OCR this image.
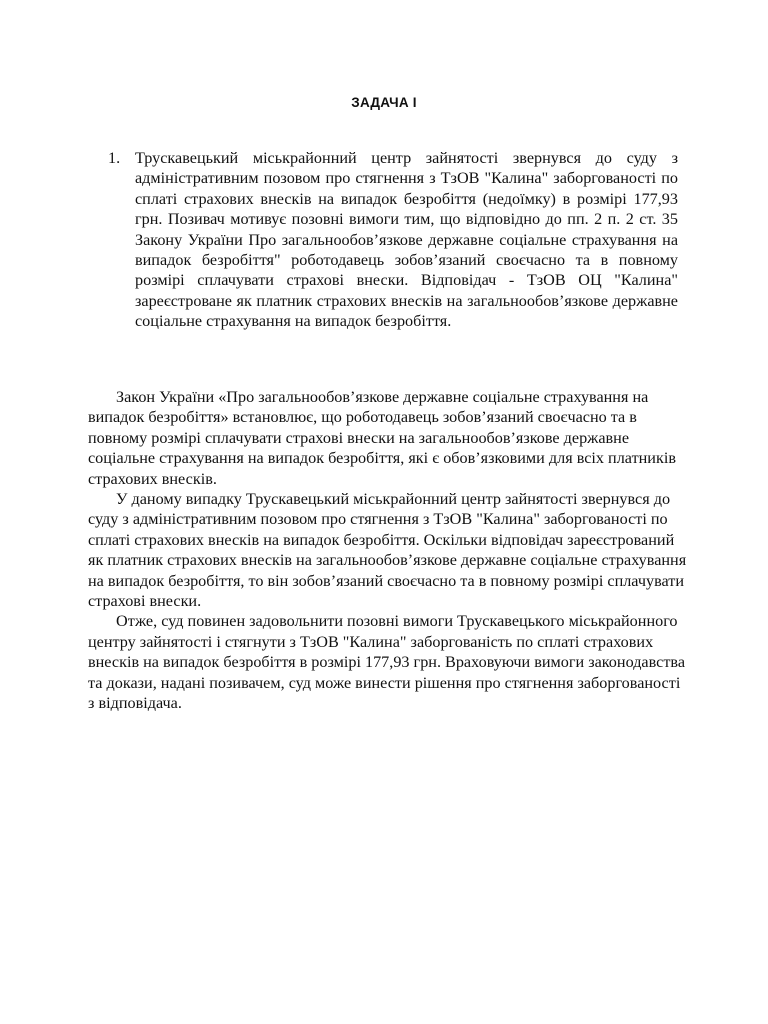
ЗАДАЧА І
1. Трускавецький міськрайонний центр зайнятості звернувся до суду з адміністративним позовом про стягнення з ТзОВ "Калина" заборгованості по сплаті страхових внесків на випадок безробіття (недоїмку) в розмірі 177,93 грн. Позивач мотивує позовні вимоги тим, що відповідно до пп. 2 п. 2 ст. 35 Закону України Про загальнообов’язкове державне соціальне страхування на випадок безробіття" роботодавець зобов’язаний своєчасно та в повному розмірі сплачувати страхові внески. Відповідач - ТзОВ ОЦ "Калина" зареєстроване як платник страхових внесків на загальнообов’язкове державне соціальне страхування на випадок безробіття.

Закон України «Про загальнообов’язкове державне соціальне страхування на випадок безробіття» встановлює, що роботодавець зобов’язаний своєчасно та в повному розмірі сплачувати страхові внески на загальнообов’язкове державне соціальне страхування на випадок безробіття, які є обов’язковими для всіх платників страхових внесків.

У даному випадку Трускавецький міськрайонний центр зайнятості звернувся до суду з адміністративним позовом про стягнення з ТзОВ "Калина" заборгованості по сплаті страхових внесків на випадок безробіття. Оскільки відповідач зареєстрований як платник страхових внесків на загальнообов’язкове державне соціальне страхування на випадок безробіття, то він зобов’язаний своєчасно та в повному розмірі сплачувати страхові внески.

Отже, суд повинен задовольнити позовні вимоги Трускавецького міськрайонного центру зайнятості і стягнути з ТзОВ "Калина" заборгованість по сплаті страхових внесків на випадок безробіття в розмірі 177,93 грн. Враховуючи вимоги законодавства та докази, надані позивачем, суд може винести рішення про стягнення заборгованості з відповідача.
